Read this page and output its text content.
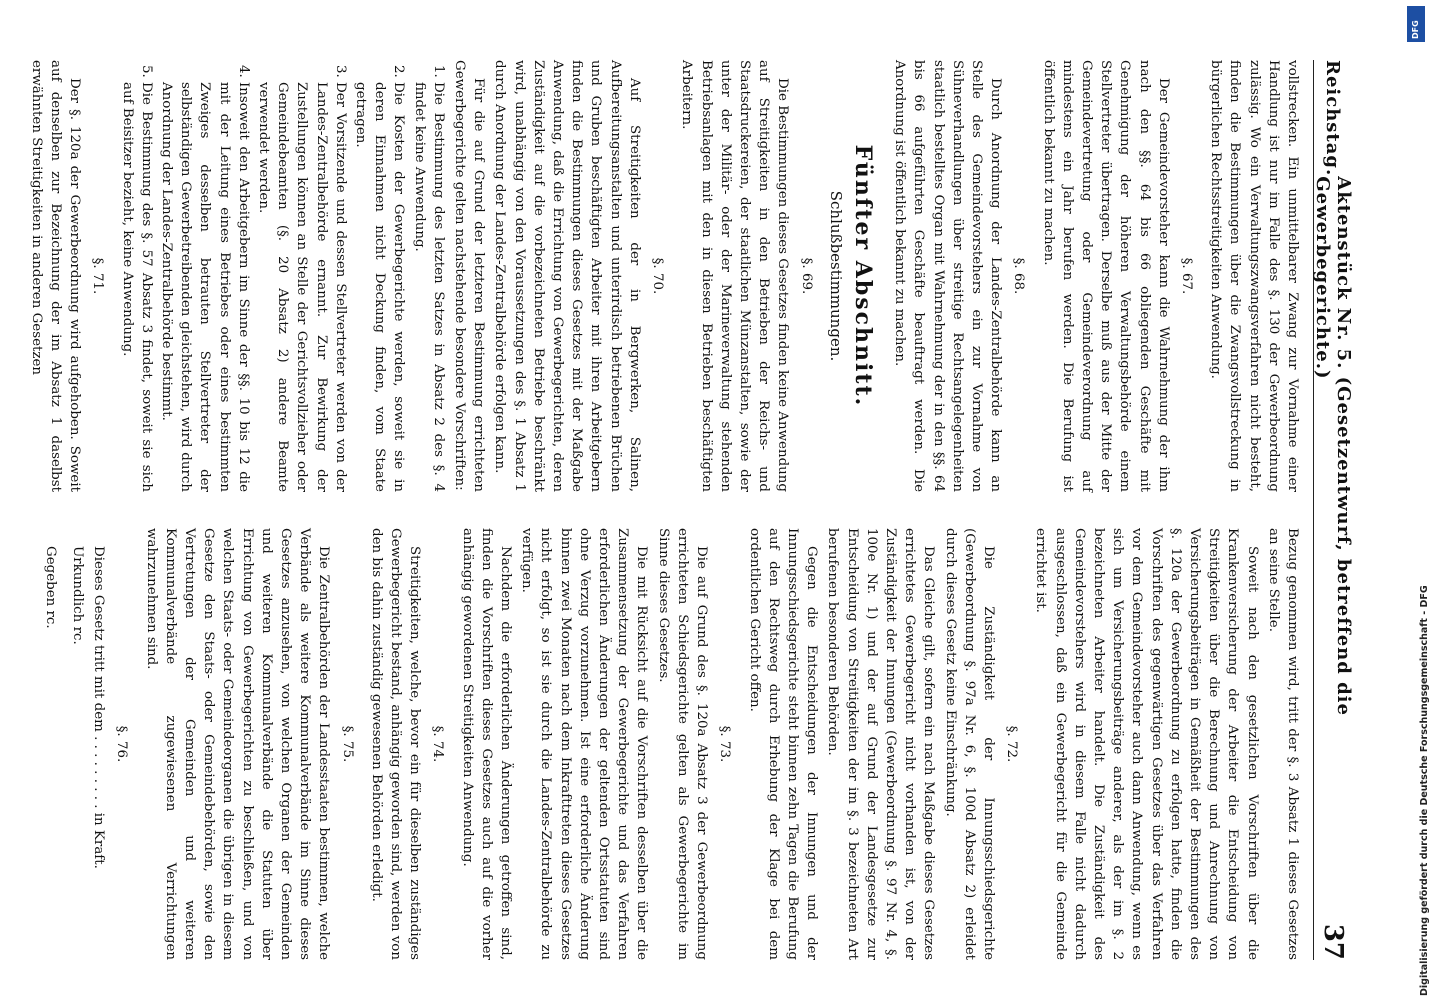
Reichstag.
Aktenstück Nr. 5. (Gesetzentwurf, betreffend die Gewerbegerichte.)
37

vollstrecken. Ein unmittelbarer Zwang zur Vornahme einer Handlung ist nur im Falle des §. 130 der Gewerbeordnung zulässig. Wo ein Verwaltungszwangsverfahren nicht besteht, finden die Bestimmungen über die Zwangsvollstreckung in bürgerlichen Rechtsstreitigkeiten Anwendung.

§. 67.

Der Gemeindevorsteher kann die Wahrnehmung der ihm nach den §§. 64 bis 66 obliegenden Geschäfte mit Genehmigung der höheren Verwaltungsbehörde einem Stellvertreter übertragen. Derselbe muß aus der Mitte der Gemeindevertretung oder Gemeindeverordnung auf mindestens ein Jahr berufen werden. Die Berufung ist öffentlich bekannt zu machen.

§. 68.

Durch Anordnung der Landes-Zentralbehörde kann an Stelle des Gemeindevorstehers ein zur Vornahme von Sühneverhandlungen über streitige Rechtsangelegenheiten staatlich bestelltes Organ mit Wahrnehmung der in den §§. 64 bis 66 aufgeführten Geschäfte beauftragt werden. Die Anordnung ist öffentlich bekannt zu machen.

Fünfter Abschnitt.
Schlußbestimmungen.
§. 69.

Die Bestimmungen dieses Gesetzes finden keine Anwendung auf Streitigkeiten in den Betrieben der Reichs- und Staatsdruckereien, der staatlichen Münzanstalten, sowie der unter der Militär- oder der Marineverwaltung stehenden Betriebsanlagen mit den in diesen Betrieben beschäftigten Arbeitern.

§. 70.

Auf Streitigkeiten der in Bergwerken, Salinen, Aufbereitungsanstalten und unterirdisch betriebenen Brüchen und Gruben beschäftigten Arbeiter mit ihren Arbeitgebern finden die Bestimmungen dieses Gesetzes mit der Maßgabe Anwendung, daß die Errichtung von Gewerbegerichten, deren Zuständigkeit auf die vorbezeichneten Betriebe beschränkt wird, unabhängig von den Voraussetzungen des §. 1 Absatz 1 durch Anordnung der Landes-Zentralbehörde erfolgen kann.

Für die auf Grund der letzteren Bestimmung errichteten Gewerbegerichte gelten nachstehende besondere Vorschriften:

1. Die Bestimmung des letzten Satzes in Absatz 2 des §. 4 findet keine Anwendung.
2. Die Kosten der Gewerbegerichte werden, soweit sie in deren Einnahmen nicht Deckung finden, vom Staate getragen.
3. Der Vorsitzende und dessen Stellvertreter werden von der Landes-Zentralbehörde ernannt. Zur Bewirkung der Zustellungen können an Stelle der Gerichtsvollzieher oder Gemeindebeamten (§. 20 Absatz 2) andere Beamte verwendet werden.
4. Insoweit den Arbeitgebern im Sinne der §§. 10 bis 12 die mit der Leitung eines Betriebes oder eines bestimmten Zweiges desselben betrauten Stellvertreter der selbständigen Gewerbetreibenden gleichstehen, wird durch Anordnung der Landes-Zentralbehörde bestimmt.
5. Die Bestimmung des §. 57 Absatz 3 findet, soweit sie sich auf Beisitzer bezieht, keine Anwendung.
§. 71.

Der §. 120a der Gewerbeordnung wird aufgehoben. Soweit auf denselben zur Bezeichnung der im Absatz 1 daselbst erwähnten Streitigkeiten in anderen Gesetzen

Bezug genommen wird, tritt der §. 3 Absatz 1 dieses Gesetzes an seine Stelle.

Soweit nach den gesetzlichen Vorschriften über die Krankenversicherung der Arbeiter die Entscheidung von Streitigkeiten über die Berechnung und Anrechnung von Versicherungsbeiträgen in Gemäßheit der Bestimmungen des §. 120a der Gewerbeordnung zu erfolgen hatte, finden die Vorschriften des gegenwärtigen Gesetzes über das Verfahren vor dem Gemeindevorsteher auch dann Anwendung, wenn es sich um Versicherungsbeiträge anderer, als der im §. 2 bezeichneten Arbeiter handelt. Die Zuständigkeit des Gemeindevorstehers wird in diesem Falle nicht dadurch ausgeschlossen, daß ein Gewerbegericht für die Gemeinde errichtet ist.

§. 72.

Die Zuständigkeit der Innungsschiedsgerichte (Gewerbeordnung §. 97a Nr. 6, §. 100d Absatz 2) erleidet durch dieses Gesetz keine Einschränkung.

Das Gleiche gilt, sofern ein nach Maßgabe dieses Gesetzes errichtetes Gewerbegericht nicht vorhanden ist, von der Zuständigkeit der Innungen (Gewerbeordnung §. 97 Nr. 4, §. 100e Nr. 1) und der auf Grund der Landesgesetze zur Entscheidung von Streitigkeiten der im §. 3 bezeichneten Art berufenen besonderen Behörden.

Gegen die Entscheidungen der Innungen und der Innungsschiedsgerichte steht binnen zehn Tagen die Berufung auf den Rechtsweg durch Erhebung der Klage bei dem ordentlichen Gericht offen.

§. 73.

Die auf Grund des §. 120a Absatz 3 der Gewerbeordnung errichteten Schiedsgerichte gelten als Gewerbegerichte im Sinne dieses Gesetzes.

Die mit Rücksicht auf die Vorschriften desselben über die Zusammensetzung der Gewerbegerichte und das Verfahren erforderlichen Änderungen der geltenden Ortsstatuten sind ohne Verzug vorzunehmen. Ist eine erforderliche Änderung binnen zwei Monaten nach dem Inkrafttreten dieses Gesetzes nicht erfolgt, so ist sie durch die Landes-Zentralbehörde zu verfügen.

Nachdem die erforderlichen Änderungen getroffen sind, finden die Vorschriften dieses Gesetzes auch auf die vorher anhängig gewordenen Streitigkeiten Anwendung.

§. 74.

Streitigkeiten, welche, bevor ein für dieselben zuständiges Gewerbegericht bestand, anhängig geworden sind, werden von den bis dahin zuständig gewesenen Behörden erledigt.

§. 75.

Die Zentralbehörden der Landesstaaten bestimmen, welche Verbände als weitere Kommunalverbände im Sinne dieses Gesetzes anzusehen, von welchen Organen der Gemeinden und weiteren Kommunalverbände die Statuten über Errichtung von Gewerbegerichten zu beschließen, und von welchen Staats- oder Gemeindeorganen die übrigen in diesem Gesetze den Staats- oder Gemeindebehörden, sowie den Vertretungen der Gemeinden und weiteren Kommunalverbände zugewiesenen Verrichtungen wahrzunehmen sind.

§. 76.

Dieses Gesetz tritt mit dem . . . . . . . . . in Kraft.

Urkundlich rc.

Gegeben rc.

DFG
Digitalisierung gefördert durch die Deutsche Forschungsgemeinschaft - DFG
